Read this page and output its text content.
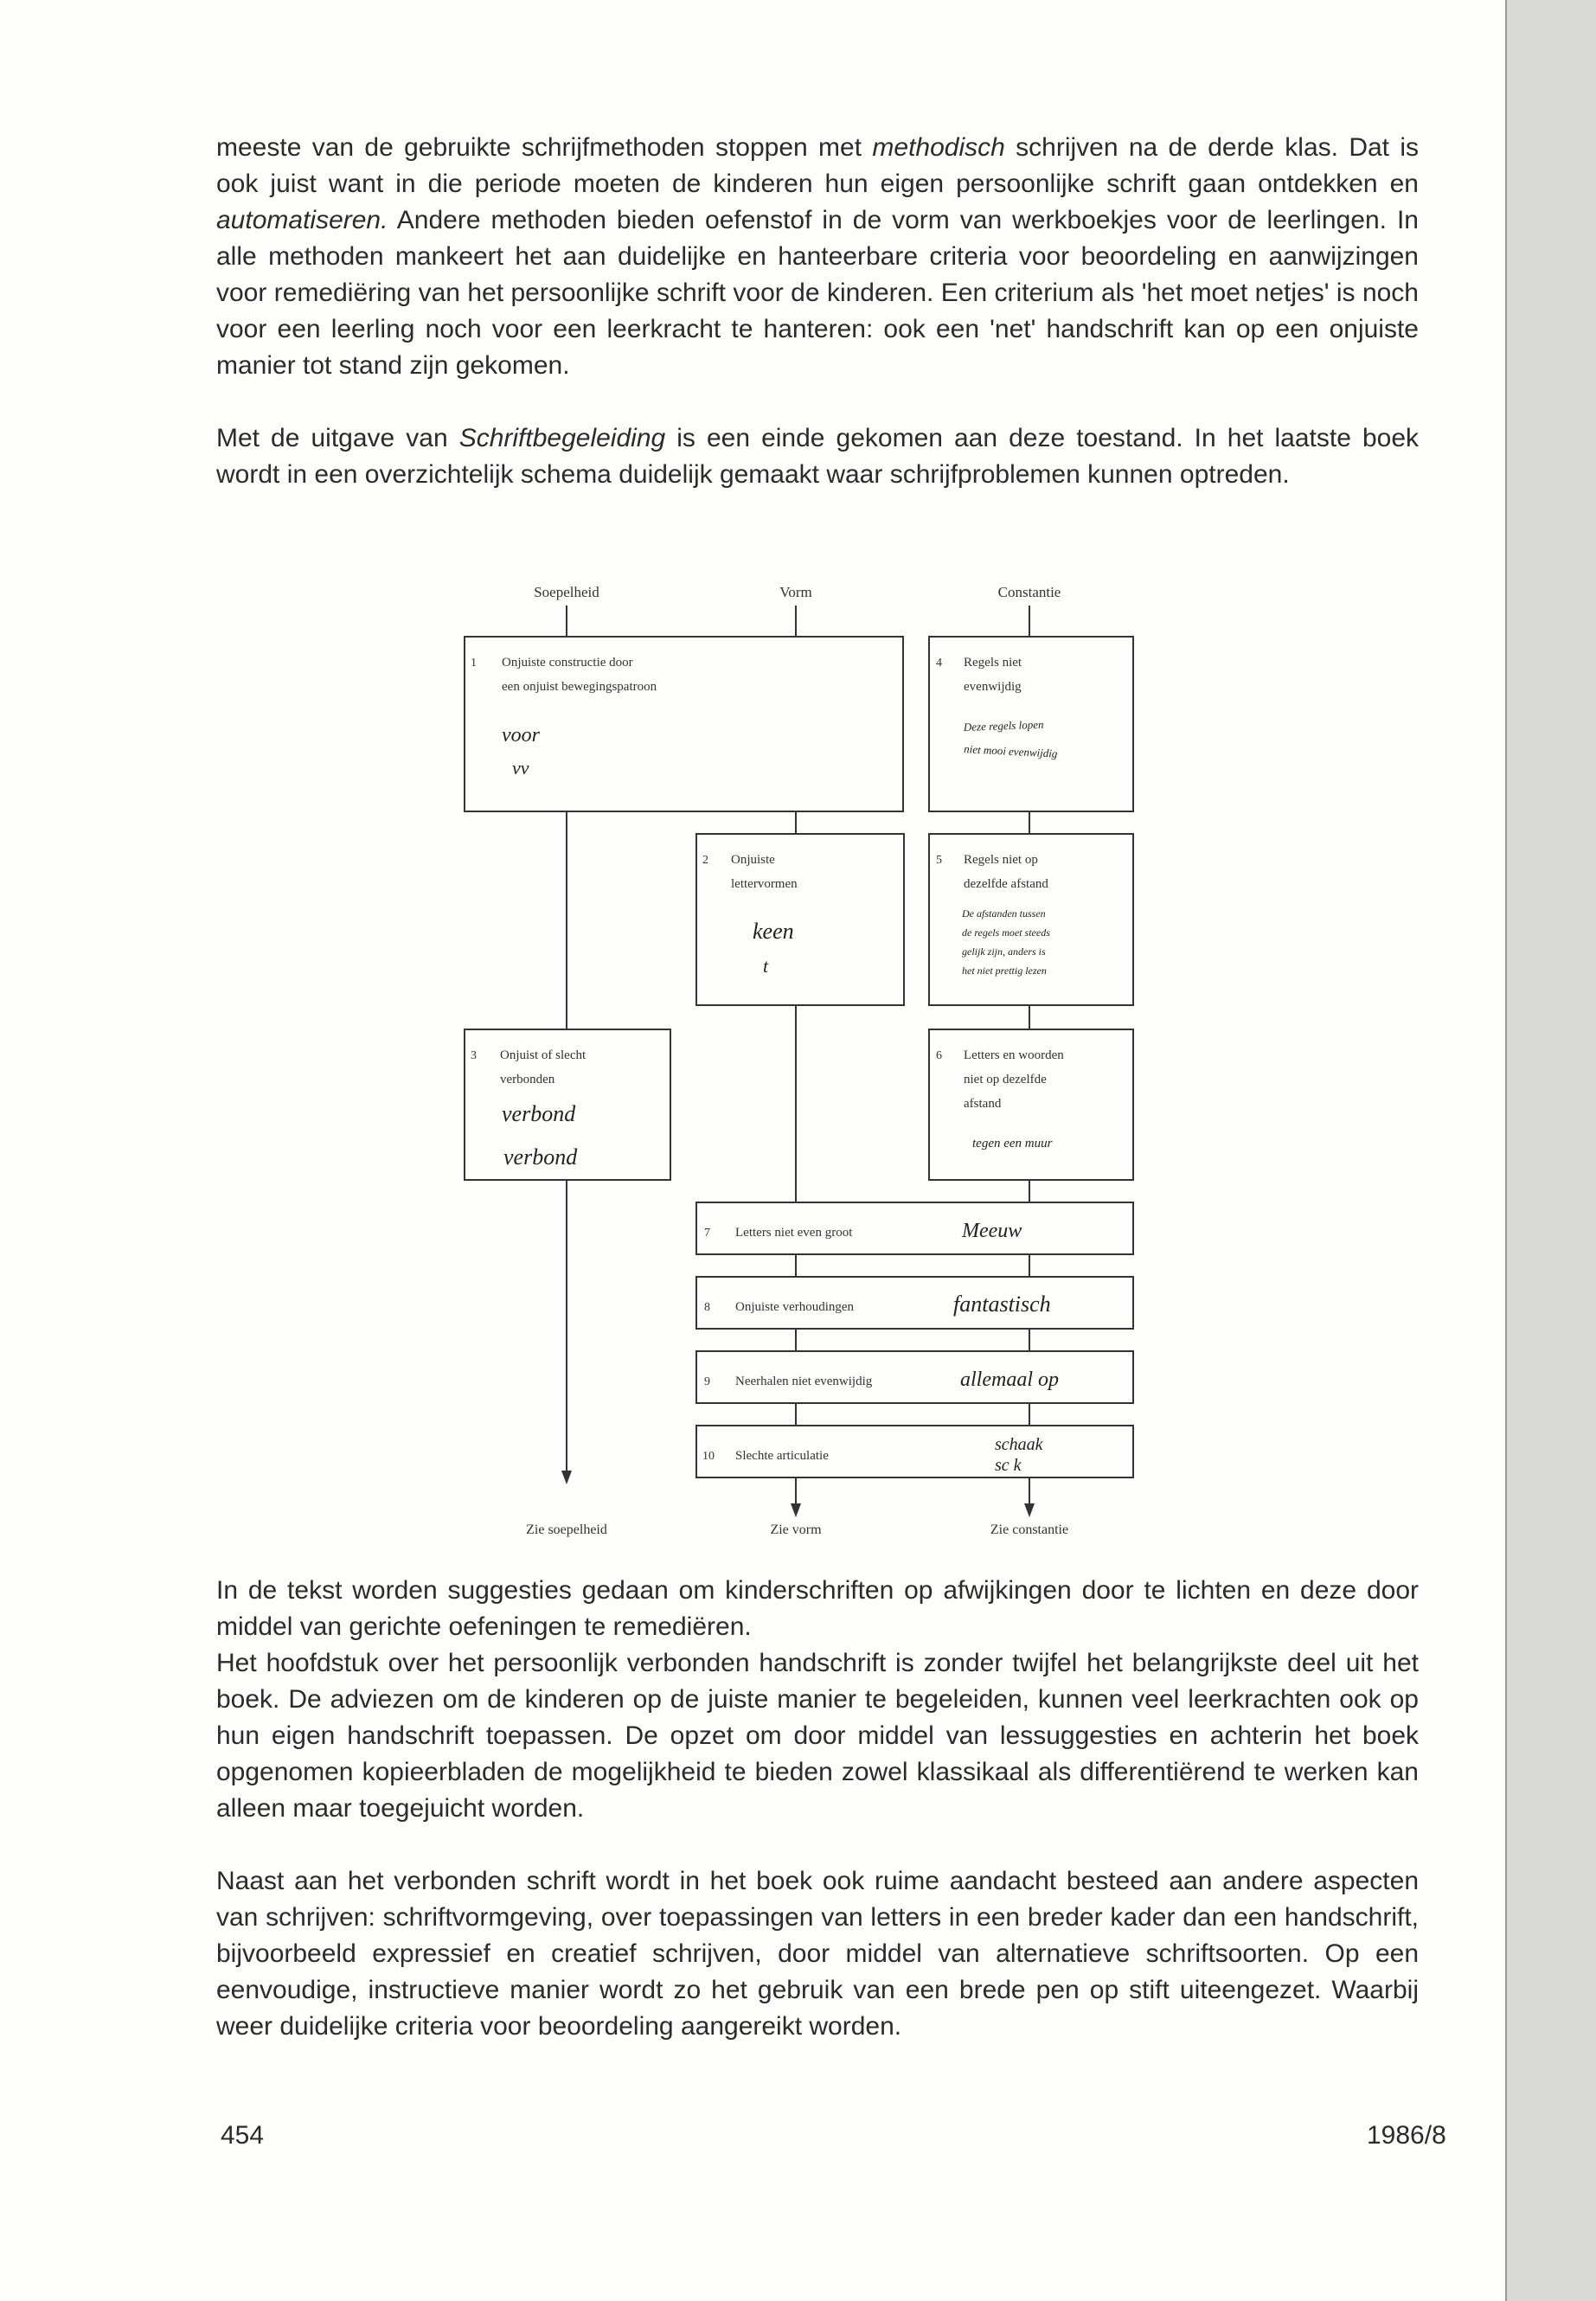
meeste van de gebruikte schrijfmethoden stoppen met methodisch schrijven na de derde klas. Dat is ook juist want in die periode moeten de kinderen hun eigen persoonlijke schrift gaan ontdekken en automatiseren. Andere methoden bieden oefenstof in de vorm van werkboekjes voor de leerlingen. In alle methoden mankeert het aan duidelijke en hanteerbare criteria voor beoordeling en aanwijzingen voor remediëring van het persoonlijke schrift voor de kinderen. Een criterium als 'het moet netjes' is noch voor een leerling noch voor een leerkracht te hanteren: ook een 'net' handschrift kan op een onjuiste manier tot stand zijn gekomen.

Met de uitgave van Schriftbegeleiding is een einde gekomen aan deze toestand. In het laatste boek wordt in een overzichtelijk schema duidelijk gemaakt waar schrijfproblemen kunnen optreden.

Soepelheid	Vorm	Constantie
1 Onjuiste constructie door
een onjuist bewegingspatroon
voor
vv
4 Regels niet
evenwijdig
Deze regels lopen
niet mooi evenwijdig
2 Onjuiste
lettervormen
keen
t
5 Regels niet op
dezelfde afstand
De afstanden tussen
de regels moet steeds
gelijk zijn, anders is
het niet prettig lezen
3 Onjuist of slecht
verbonden
verbond
verbond
6 Letters en woorden
niet op dezelfde
afstand
tegen een muur
7 Letters niet even groot	Meeuw
8 Onjuiste verhoudingen	fantastisch
9 Neerhalen niet evenwijdig	allemaal op
10 Slechte articulatie
schaak
sc k
Zie soepelheid	Zie vorm	Zie constantie

In de tekst worden suggesties gedaan om kinderschriften op afwijkingen door te lichten en deze door middel van gerichte oefeningen te remediëren.

Het hoofdstuk over het persoonlijk verbonden handschrift is zonder twijfel het belangrijkste deel uit het boek. De adviezen om de kinderen op de juiste manier te begeleiden, kunnen veel leerkrachten ook op hun eigen handschrift toepassen. De opzet om door middel van lessuggesties en achterin het boek opgenomen kopieerbladen de mogelijkheid te bieden zowel klassikaal als differentiërend te werken kan alleen maar toegejuicht worden.

Naast aan het verbonden schrift wordt in het boek ook ruime aandacht besteed aan andere aspecten van schrijven: schriftvormgeving, over toepassingen van letters in een breder kader dan een handschrift, bijvoorbeeld expressief en creatief schrijven, door middel van alternatieve schriftsoorten. Op een eenvoudige, instructieve manier wordt zo het gebruik van een brede pen op stift uiteengezet. Waarbij weer duidelijke criteria voor beoordeling aangereikt worden.

454	1986/8
